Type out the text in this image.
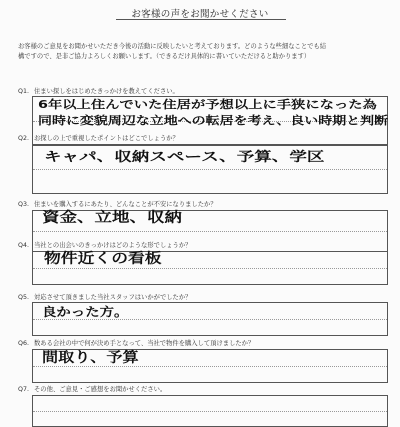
お客様の声をお聞かせください

お客様のご意見をお聞かせいただき今後の活動に反映したいと考えております。どのような些細なことでも結

構ですので、是非ご協力よろしくお願いします。（できるだけ具体的に書いていただけると助かります）

Q1. 住まい探しをはじめたきっかけを教えてください。
6年以上住んでいた住居が予想以上に手狭になった為
同時に変貌周辺な立地への転居を考え、良い時期と判断
Q2. お探しの上で重視したポイントはどこでしょうか？
キャパ、収納スペース、予算、学区
Q3. 住まいを購入するにあたり、どんなことが不安になりましたか？
資金、立地、収納
Q4. 当社との出会いのきっかけはどのような形でしょうか？
物件近くの看板
Q5. 対応させて頂きました当社スタッフはいかがでしたか？
良かった方。
Q6. 数ある会社の中で何が決め手となって、当社で物件を購入して頂けましたか？
間取り、予算
Q7. その他、ご意見・ご感想をお聞かせください。
